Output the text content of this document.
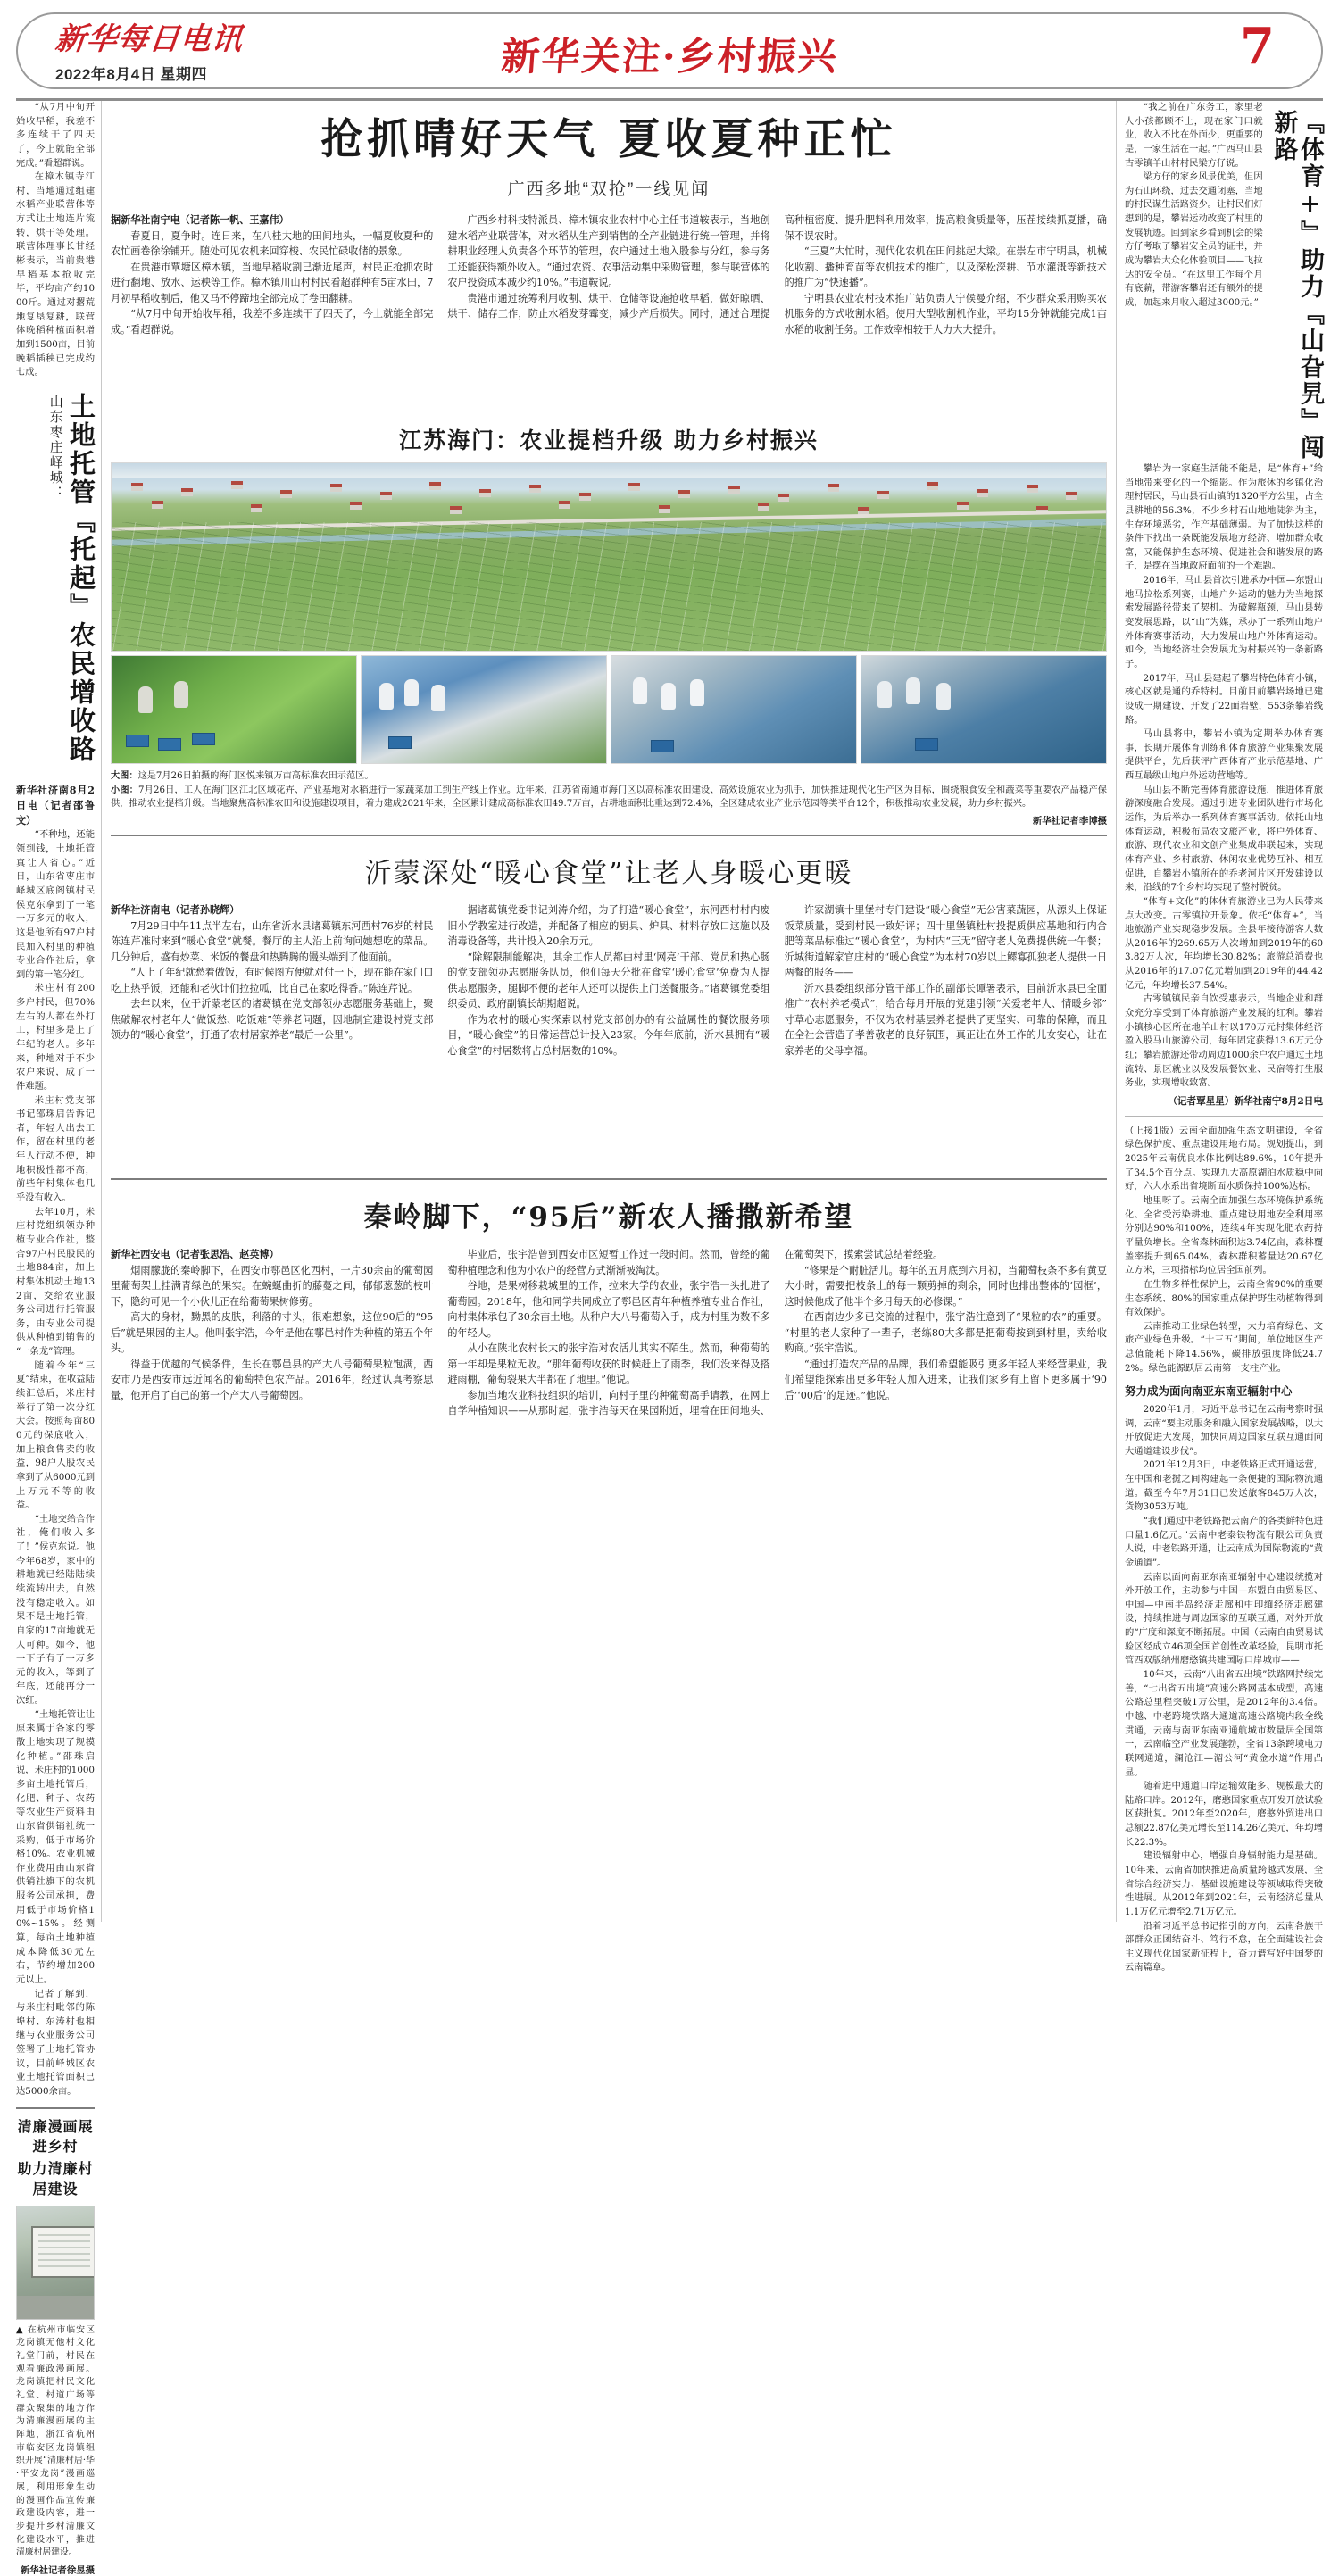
新华每日电讯
2022年8月4日 星期四	新华关注·乡村振兴	7

“从7月中旬开始收早稻，我差不多连续干了四天了，今上就能全部完成。”看超群说。

在樟木镇寺江村，当地通过组建水稻产业联营体等方式让土地连片流转，烘干等处理。联营体理事长甘经彬表示，当前贵港早稻基本抢收完毕，平均亩产约1000斤。通过对撂荒地复垦复耕，联营体晚稻种植面积增加到1500亩，目前晚稻插秧已完成约七成。

土地托管『托起』农民增收路
山东枣庄峄城：

新华社济南8月2日电（记者邵鲁文）

“不种地，还能领到钱，土地托管真让人省心。”近日，山东省枣庄市峄城区底阁镇村民侯克东拿到了一笔一万多元的收入，这是他所有97户村民加入村里的种植专业合作社后，拿到的第一笔分红。

米庄村有200多户村民，但70%左右的人都在外打工，村里多是上了年纪的老人。多年来，种地对于不少农户来说，成了一件难题。

米庄村党支部书记邵珠启告诉记者，年轻人出去工作，留在村里的老年人行动不便，种地积极性都不高，前些年村集体也几乎没有收入。

去年10月，米庄村党组织领办种植专业合作社，整合97户村民股民的土地884亩，加上村集体机动土地132亩，交给农业服务公司进行托管服务，由专业公司提供从种植到销售的“一条龙”管理。

随着今年“三夏”结束，在收益陆续汇总后，米庄村举行了第一次分红大会。按照每亩800元的保底收入，加上粮食售卖的收益，98户人股农民拿到了从6000元到上万元不等的收益。

“土地交给合作社，俺们收入多了！”侯克东说。他今年68岁，家中的耕地就已经陆陆续续流转出去，自然没有稳定收入。如果不是土地托管，自家的17亩地就无人可种。如今，他一下子有了一万多元的收入，等到了年底，还能再分一次红。

“土地托管让让原来属于各家的零散土地实现了规模化种植。”邵珠启说，米庄村的1000多亩土地托管后，化肥、种子、农药等农业生产资料由山东省供销社统一采购，低于市场价格10%。农业机械作业费用由山东省供销社旗下的农机服务公司承担，费用低于市场价格10%~15%。经测算，每亩土地种植成本降低30元左右，节约增加200元以上。

记者了解到，与米庄村毗邻的陈埠村、东涛村也相继与农业服务公司签署了土地托管协议，目前峄城区农业土地托管面积已达5000余亩。

清廉漫画展进乡村
助力清廉村居建设
▲ 在杭州市临安区龙岗镇无他村文化礼堂门前，村民在观看廉政漫画展。龙岗镇把村民文化礼堂、村道广场等群众聚集的地方作为清廉漫画展的主阵地，浙江省杭州市临安区龙岗镇组织开展“清廉村居·华·平安龙岗”漫画巡展，利用形象生动的漫画作品宣传廉政建设内容，进一步提升乡村清廉文化建设水平，推进清廉村居建设。
新华社记者徐昱摄
抢抓晴好天气 夏收夏种正忙
广西多地“双抢”一线见闻

据新华社南宁电（记者陈一帆、王嘉伟）

春夏日，夏争时。连日来，在八桂大地的田间地头，一幅夏收夏种的农忙画卷徐徐铺开。随处可见农机来回穿梭、农民忙碌收储的景象。

在贵港市覃塘区樟木镇，当地早稻收割已渐近尾声，村民正抢抓农时进行翻地、放水、运秧等工作。樟木镇川山村村民看超群种有5亩水田，7月初早稻收割后，他又马不停蹄地全部完成了卷田翻耕。

“从7月中旬开始收早稻，我差不多连续干了四天了，今上就能全部完成。”看超群说。

广西乡村科技特派员、樟木镇农业农村中心主任韦道鞍表示，当地创建水稻产业联营体，对水稻从生产到销售的全产业链进行统一管理，并将耕职业经理人负责各个环节的管理，农户通过土地入股参与分红，参与务工还能获得额外收入。“通过农资、农事活动集中采购管理，参与联营体的农户投资成本减少约10%。”韦道鞍说。

贵港市通过统筹利用收割、烘干、仓储等设施抢收早稻，做好晾晒、烘干、储存工作，防止水稻发芽霉变，减少产后损失。同时，通过合理提高种植密度、提升肥料利用效率，提高粮食质量等，压茬接续抓夏播，确保不误农时。

“三夏”大忙时，现代化农机在田间挑起大梁。在崇左市宁明县，机械化收割、播种育苗等农机技术的推广，以及深松深耕、节水灌溉等新技术的推广为“快速播”。

宁明县农业农村技术推广站负责人宁候曼介绍，不少群众采用购买农机服务的方式收割水稻。使用大型收割机作业，平均15分钟就能完成1亩水稻的收割任务。工作效率相较于人力大大提升。

江苏海门：农业提档升级 助力乡村振兴
大图：这是7月26日拍摄的海门区悦来镇万亩高标准农田示范区。
小图：7月26日，工人在海门区江北区域花卉、产业基地对水稻进行一家蔬菜加工到生产线上作业。近年来，江苏省南通市海门区以高标准农田建设、高效设施农业为抓手，加快推进现代化生产区为目标，围绕粮食安全和蔬菜等重要农产品稳产保供，推动农业提档升级。当地聚焦高标准农田和设施建设项目，着力建成2021年来，全区累计建成高标准农田49.7万亩，占耕地面积比重达到72.4%，全区建成农业产业示范园等类平台12个，积极推动农业发展，助力乡村振兴。
新华社记者李博摄
沂蒙深处“暖心食堂”让老人身暖心更暖

新华社济南电（记者孙晓辉）

7月29日中午11点半左右，山东省沂水县诸葛镇东河西村76岁的村民陈连芹准时来到“暖心食堂”就餐。餐厅的主人沿上前询问她想吃的菜品。几分钟后，盛有炒菜、米饭的餐盘和热腾腾的馒头端到了他面前。

“人上了年纪就愁着做饭，有时候图方便就对付一下，现在能在家门口吃上热乎饭，还能和老伙计们拉拉呱，比自己在家吃得香。”陈连芹说。

去年以来，位于沂蒙老区的诸葛镇在党支部领办志愿服务基础上，聚焦破解农村老年人“做饭愁、吃饭难”等养老问题，因地制宜建设村党支部领办的“暖心食堂”，打通了农村居家养老“最后一公里”。

据诸葛镇党委书记刘涛介绍，为了打造“暖心食堂”，东河西村村内废旧小学教室进行改造，并配备了相应的厨具、炉具、材料存放口这施以及消毒设备等，共计投入20余万元。

“除解限制能解决，其余工作人员都由村里‘网亮’干部、党员和热心肠的党支部领办志愿服务队员，他们每天分批在食堂‘暖心食堂’免费为人提供志愿服务，腿脚不便的老年人还可以提供上门送餐服务。”诸葛镇党委组织委员、政府副镇长胡期超说。

作为农村的暖心实探索以村党支部创办的有公益属性的餐饮服务项目，“暖心食堂”的日常运营总计投入23家。今年年底前，沂水县拥有“暖心食堂”的村居数将占总村居数的10%。

许家湖镇十里堡村专门建设“暖心食堂”无公害菜蔬园，从源头上保证饭菜质量，受到村民一致好评；四十里堡镇杜村投提质供应基地和行内合肥等菜品标准过“暖心食堂”，为村内“三无”留守老人免费提供统一午餐；沂城街道解家官庄村的“暖心食堂”为本村70岁以上鳏寡孤独老人提供一日两餐的服务——

沂水县委组织部分管干部工作的副部长谭署表示，目前沂水县已全面推广“农村养老模式”，给合每月开展的党建引领“关爱老年人、情暖乡邻”寸草心志愿服务，不仅为农村基层养老提供了更坚实、可靠的保障，而且在全社会营造了孝善敬老的良好氛围，真正让在外工作的儿女安心，让在家养老的父母享福。

秦岭脚下，“95后”新农人播撒新希望

新华社西安电（记者张思浩、赵英博）

烟雨朦胧的秦岭脚下，在西安市鄠邑区化西村，一片30余亩的葡萄园里葡萄架上挂满青绿色的果实。在蜿蜒曲折的藤蔓之间，郁郁葱葱的枝叶下，隐约可见一个小伙儿正在给葡萄果树修剪。

高大的身材，黝黑的皮肤，利落的寸头，很难想象，这位90后的“95后”就是果园的主人。他叫张宇浩，今年是他在鄠邑村作为种植的第五个年头。

得益于优越的气候条件，生长在鄠邑县的产大八号葡萄果粒饱满，西安市乃是西安市远近闻名的葡萄特色农产品。2016年，经过认真考察思量，他开启了自己的第一个产大八号葡萄园。

毕业后，张宇浩曾到西安市区短暂工作过一段时间。然而，曾经的葡萄种植理念和他为小农户的经营方式渐渐被淘汰。

谷地，是果树移栽城里的工作，拉来大学的农业，张宇浩一头扎进了葡萄园。2018年，他和同学共同成立了鄠邑区青年种植养殖专业合作社，向村集体承包了30余亩土地。从种户大八号葡萄入手，成为村里为数不多的年轻人。

从小在陕北农村长大的张宇浩对农活儿其实不陌生。然而，种葡萄的第一年却是果粒无收。“那年葡萄收获的时候赶上了雨季，我们没来得及搭避雨棚，葡萄裂果大半都在了地里。”他说。

参加当地农业科技组织的培训，向村子里的种葡萄高手请教，在网上自学种植知识——从那时起，张宇浩每天在果园附近，埋着在田间地头、在葡萄架下，摸索尝试总结着经验。

“修果是个耐脏活儿。每年的五月底到六月初，当葡萄枝条不多有黄豆大小时，需要把枝条上的每一颗剪掉的剩余，同时也排出整体的‘园框’，这时候他成了他半个多月每天的必修课。”

在西南边少多已交流的过程中，张宇浩注意到了“果粒的农”的重要。“村里的老人家种了一辈子，老练80大多都是把葡萄按到到村里，卖给收购商。”张宇浩说。

“通过打造农产品的品牌，我们希望能吸引更多年轻人来经营果业，我们希望能探索出更多年轻人加入进来，让我们家乡有上留下更多属于‘90后’‘00后’的足迹。”他说。

“我之前在广东务工，家里老人小孩都顾不上，现在家门口就业，收入不比在外面少，更重要的是，一家生活在一起。”广西马山县古零镇羊山村村民梁方仔说。

梁方仔的家乡风景优美，但因为石山环绕，过去交通闭塞，当地的村民谋生活路资少。让村民们灯想到的是，攀岩运动改变了村里的发展轨迹。回到家乡看到机会的梁方仔考取了攀岩安全员的证书，并成为攀岩大众化体验项目——飞拉达的安全员。“在这里工作每个月有底薪，带游客攀岩还有额外的提成，加起来月收入超过3000元。”	『体育+』助力『山旮旯』闯新路

攀岩为一家庭生活能不能是，是“体育+”给当地带来变化的一个缩影。作为旅休的乡镇化治理村居民，马山县石山镇的1320平方公里，占全县耕地的56.3%，不少乡村石山地地陡斜为主，生存环境恶劣，作产基础薄弱。为了加快这样的条件下找出一条既能发展地方经济、增加群众收富，又能保护生态环境、促进社会和谐发展的路子，是摆在当地政府面前的一个难题。

2016年，马山县首次引进承办中国—东盟山地马拉松系列赛，山地户外运动的魅力为当地探索发展路径带来了契机。为破解瓶颈，马山县转变发展思路，以“山”为媒，承办了一系列山地户外体育赛事活动，大力发展山地户外体育运动。如今，当地经济社会发展尤为村振兴的一条新路子。

2017年，马山县建起了攀岩特色体育小镇，核心区就是通的乔特村。目前目前攀岩场地已建设成一期建设，开发了22面岩壁，553条攀岩线路。

马山县将中，攀岩小镇为定期举办体育赛事，长期开展体育训练和体育旅游产业集聚发展提供平台，先后获评广西体育产业示范基地、广西互最级山地户外运动营地等。

马山县不断完善体育旅游设施，推进体育旅游深度融合发展。通过引进专业团队进行市场化运作，为后举办一系列体育赛事活动。依托山地体育运动，积极布局农文旅产业，将户外体育、旅游、现代农业和文创产业集成串联起来，实现体育产业、乡村旅游、休闲农业优势互补、相互促进，自攀岩小镇所在的乔老河片区开发建设以来，沿线的7个乡村均实现了整村脱贫。

“体育+文化”的体休育旅游业已为人民带来点大改变。古零镇拉开景象。依托“体育+”，当地旅游产业实现稳步发展。全县年接待游客人数从2016年的269.65万人次增加到2019年的603.82万人次，年均增长30.82%；旅游总消费也从2016年的17.07亿元增加到2019年的44.42亿元，年均增长37.54%。

古零镇镇民亲自饮受惠表示，当地企业和群众充分享受到了体育旅游产业发展的红利。攀岩小镇核心区所在地羊山村以170万元村集体经济盈入股马山旅游公司，每年固定获得13.6万元分红；攀岩旅游还带动周边1000余户农户通过土地流转、景区就业以及发展餐饮业、民宿等打生服务业，实现增收致富。

（记者覃星星）新华社南宁8月2日电

（上接1版）云南全面加强生态文明建设，全省绿色保护度、重点建设用地布局。规划提出，到2025年云南优良水体比例达89.6%，10年提升了34.5个百分点。实现九大高原湖泊水质稳中向好，六大水系出省境断面水质保持100%达标。

地里呀了。云南全面加强生态环境保护系统化、全省受污染耕地、重点建设用地安全利用率分别达90%和100%，连续4年实现化肥农药持平量负增长。全省森林面积达3.74亿亩，森林覆盖率提升到65.04%，森林群积蓄量达20.67亿立方米，三项指标均位居全国前列。

在生物多样性保护上，云南全省90%的重要生态系统、80%的国家重点保护野生动植物得到有效保护。

云南推动工业绿色转型，大力培育绿色、文旅产业绿色升级。“十三五”期间，单位地区生产总值能耗下降14.56%，碳排放强度降低24.72%。绿色能源跃居云南第一支柱产业。

努力成为面向南亚东南亚辐射中心

2020年1月，习近平总书记在云南考察时强调，云南“要主动服务和融入国家发展战略，以大开放促进大发展，加快同周边国家互联互通面向大通道建设步伐”。

2021年12月3日，中老铁路正式开通运营，在中国和老挝之间构建起一条便捷的国际物流通道。截至今年7月31日已发送旅客845万人次，货物3053万吨。

“我们通过中老铁路把云南产的各类鲜特色进口量1.6亿元。”云南中老泰铁物流有限公司负责人说，中老铁路开通，让云南成为国际物流的“黄金通道”。

云南以面向南亚东南亚辐射中心建设统揽对外开放工作，主动参与中国—东盟自由贸易区、中国—中南半岛经济走廊和中印缅经济走廊建设，持续推进与周边国家的互联互通，对外开放的“广度和深度不断拓展。中国（云南自由贸易试验区经成立46项全国首创性改革经验，昆明市托管西双版纳州磨憨镇共建国际口岸城市——

10年来，云南“八出省五出境”铁路网持续完善，“七出省五出境”高速公路网基本成型，高速公路总里程突破1万公里，是2012年的3.4倍。中越、中老跨境铁路大通道高速公路境内段全线贯通，云南与南亚东南亚通航城市数量居全国第一，云南临空产业发展蓬勃，全省13条跨境电力联网通道，澜沧江—湄公河“黄金水道”作用凸显。

随着进中通道口岸运输效能多、规模最大的陆路口岸。2012年，磨憨国家重点开发开放试验区获批复。2012年至2020年，磨憨外贸进出口总额22.87亿美元增长至114.26亿美元，年均增长22.3%。

建设辐射中心，增强自身辐射能力是基础。10年来，云南省加快推进高质量跨越式发展，全省综合经济实力、基础设施建设等领域取得突破性进展。从2012年到2021年，云南经济总量从1.1万亿元增至2.71万亿元。

沿着习近平总书记指引的方向，云南各族干部群众正团结奋斗、笃行不怠，在全面建设社会主义现代化国家新征程上，奋力谱写好中国梦的云南篇章。
